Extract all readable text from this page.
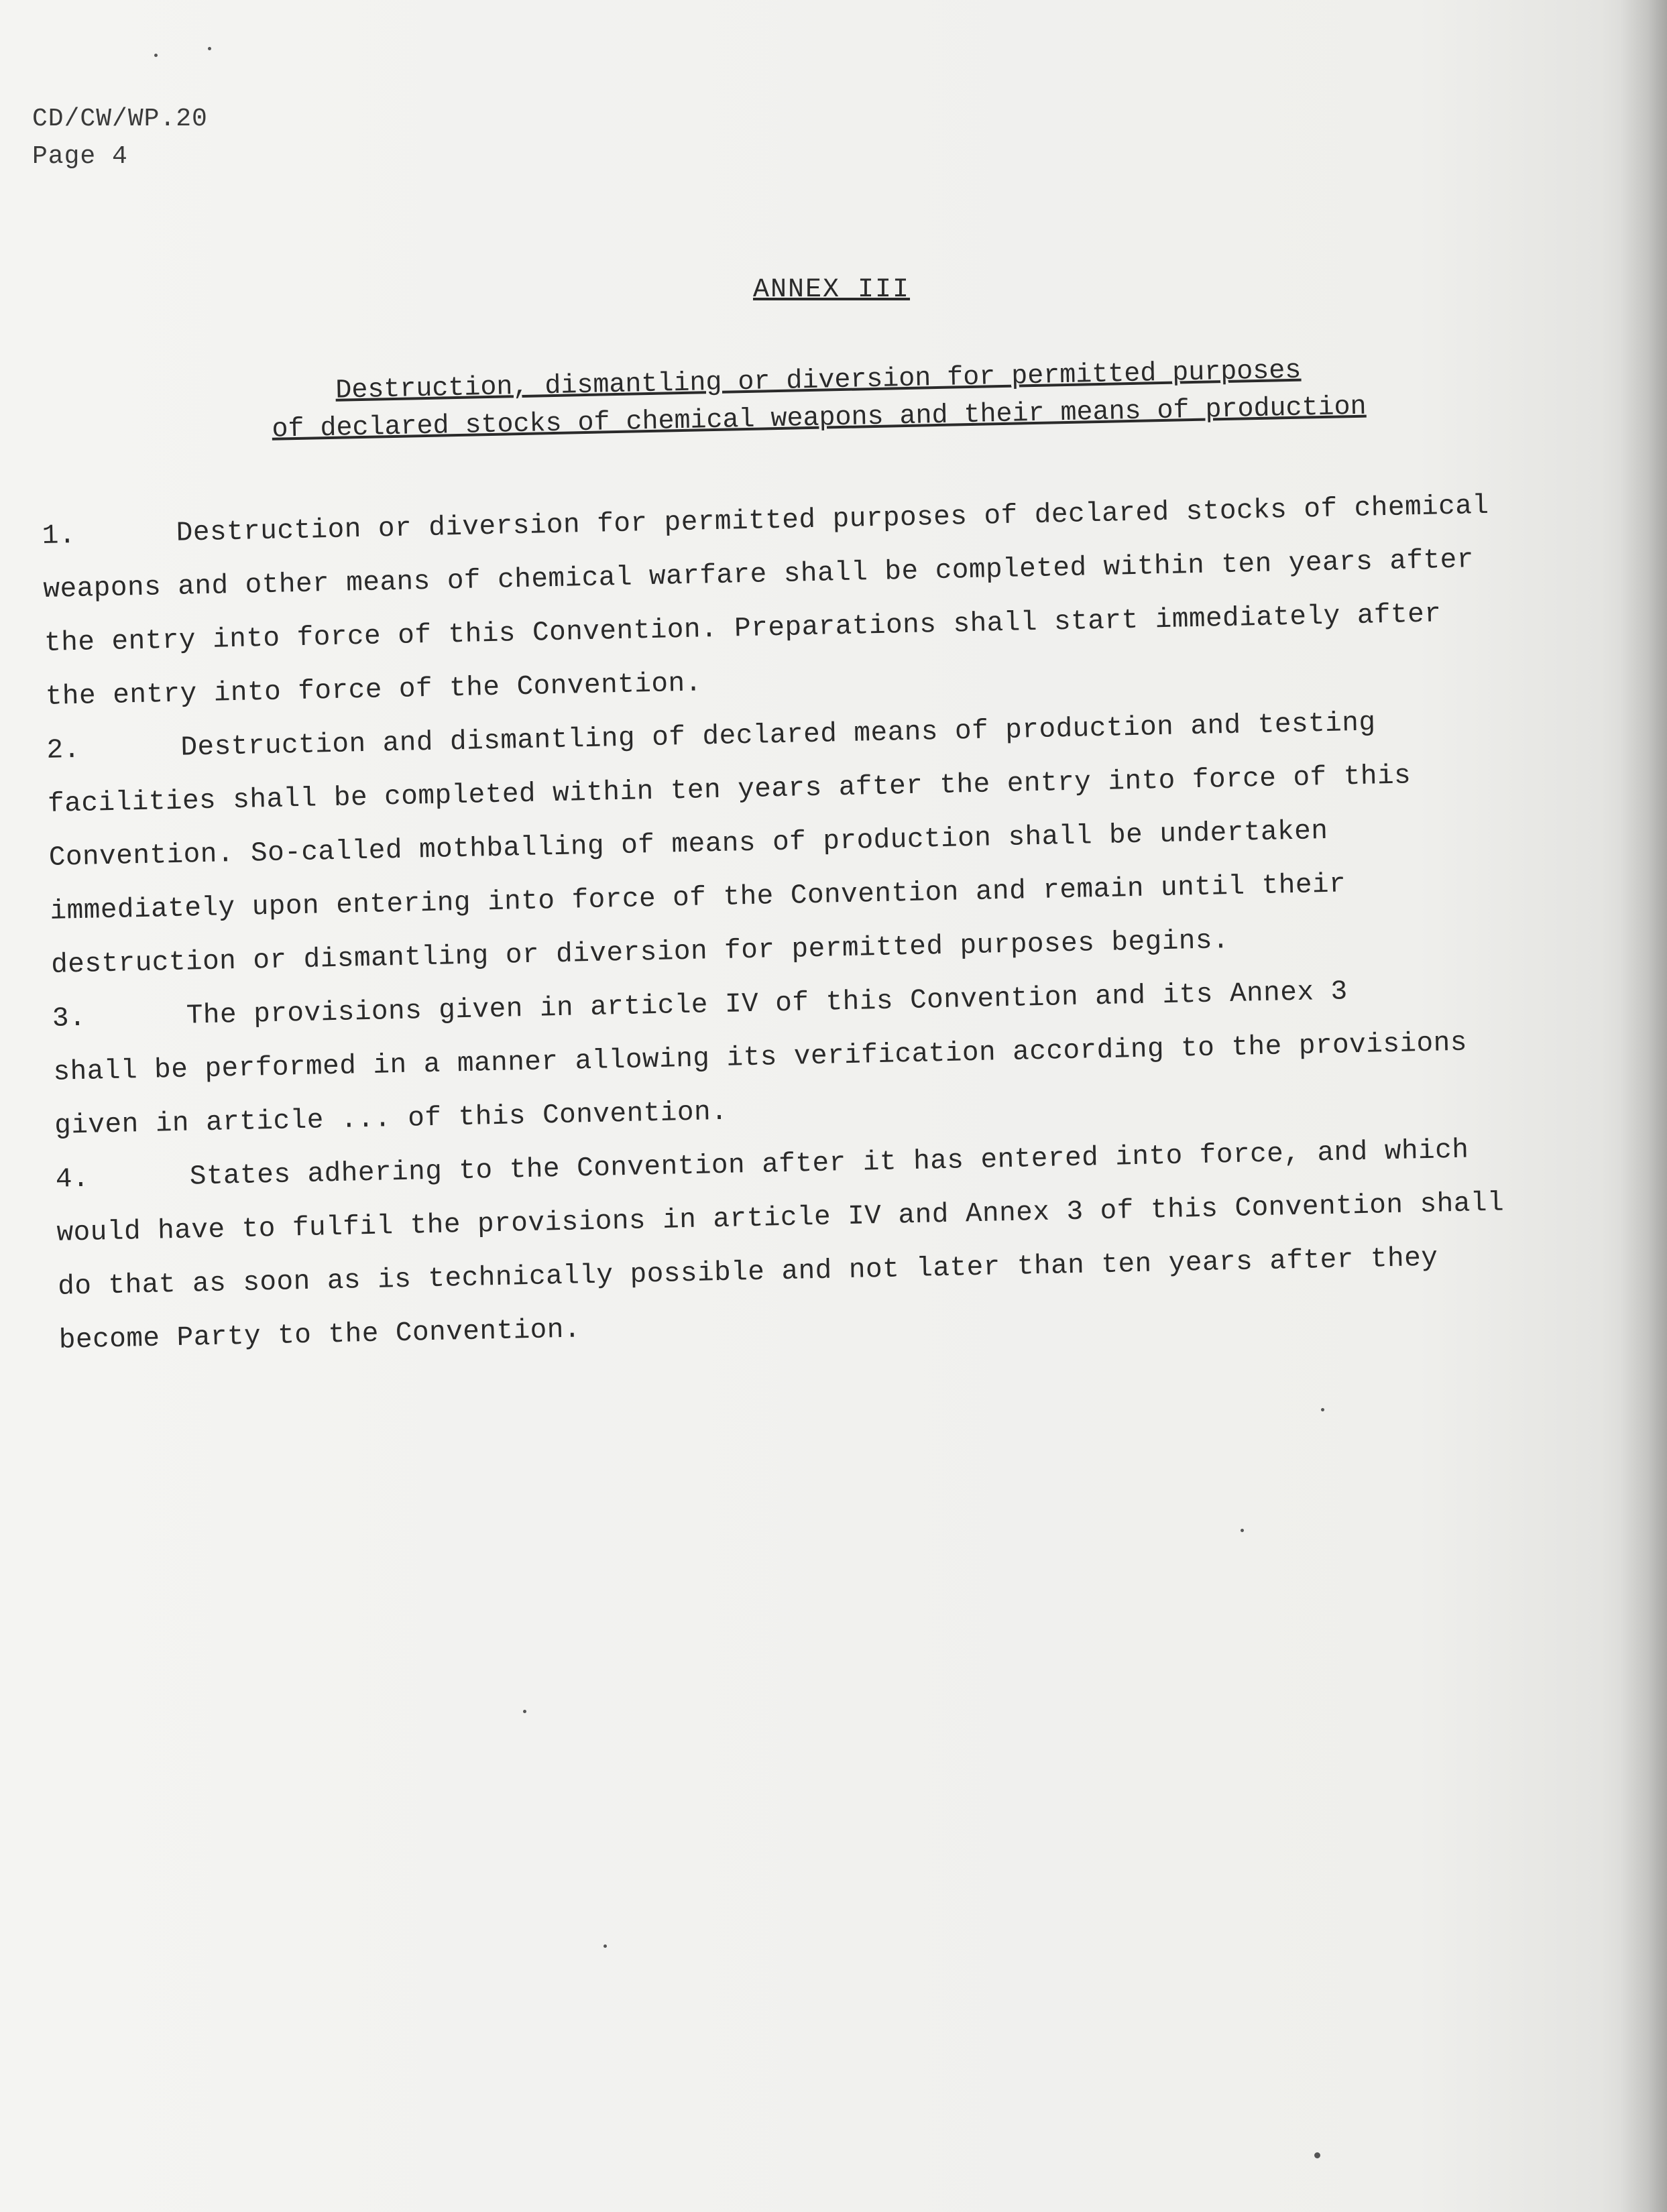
CD/CW/WP.20
Page 4
ANNEX III
Destruction, dismantling or diversion for permitted purposes
of declared stocks of chemical weapons and their means of production
1.	Destruction or diversion for permitted purposes of declared stocks of chemical
weapons and other means of chemical warfare shall be completed within ten years after
the entry into force of this Convention. Preparations shall start immediately after
the entry into force of the Convention.
2.	Destruction and dismantling of declared means of production and testing
facilities shall be completed within ten years after the entry into force of this
Convention. So-called mothballing of means of production shall be undertaken
immediately upon entering into force of the Convention and remain until their
destruction or dismantling or diversion for permitted purposes begins.
3.	The provisions given in article IV of this Convention and its Annex 3
shall be performed in a manner allowing its verification according to the provisions
given in article ... of this Convention.
4.	States adhering to the Convention after it has entered into force, and which
would have to fulfil the provisions in article IV and Annex 3 of this Convention shall
do that as soon as is technically possible and not later than ten years after they
become Party to the Convention.
